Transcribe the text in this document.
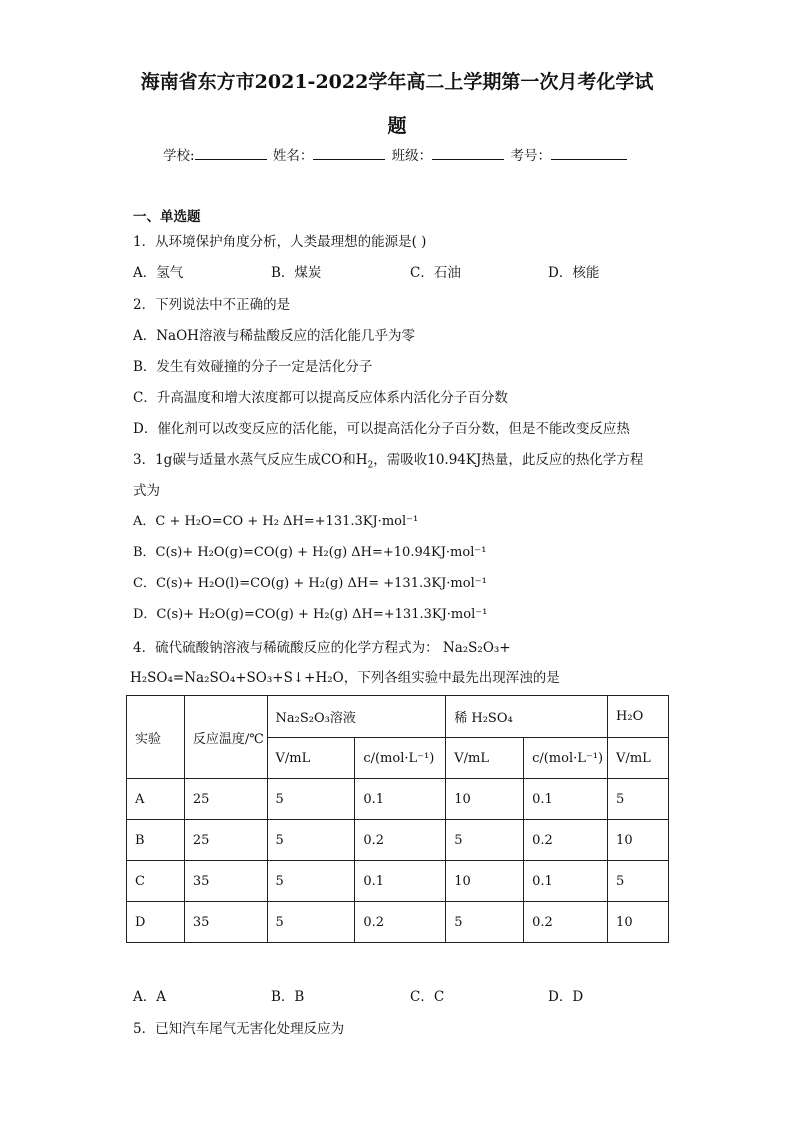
海南省东方市2021-2022学年高二上学期第一次月考化学试
题
学校:	姓名：	班级：	考号：
一、单选题
1．从环境保护角度分析，人类最理想的能源是( )
A．氢气	B．煤炭	C．石油	D．核能
2．下列说法中不正确的是
A．NaOH溶液与稀盐酸反应的活化能几乎为零
B．发生有效碰撞的分子一定是活化分子
C．升高温度和增大浓度都可以提高反应体系内活化分子百分数
D．催化剂可以改变反应的活化能，可以提高活化分子百分数，但是不能改变反应热
3．1g碳与适量水蒸气反应生成CO和$H_2$，需吸收10.94KJ热量，此反应的热化学方程
式为
A．C + H₂O=CO + H₂ ΔH=+131.3KJ·mol⁻¹
B．C(s)+ H₂O(g)=CO(g) + H₂(g) ΔH=+10.94KJ·mol⁻¹
C．C(s)+ H₂O(l)=CO(g) + H₂(g) ΔH= +131.3KJ·mol⁻¹
D．C(s)+ H₂O(g)=CO(g) + H₂(g) ΔH=+131.3KJ·mol⁻¹
4．硫代硫酸钠溶液与稀硫酸反应的化学方程式为： Na₂S₂O₃+
H₂SO₄=Na₂SO₄+SO₃+S↓+H₂O，下列各组实验中最先出现浑浊的是
实验	反应温度/℃	Na₂S₂O₃溶液		稀 H₂SO₄		H₂O
		V/mL	c/(mol·L⁻¹)	V/mL	c/(mol·L⁻¹)	V/mL
A	25	5	0.1	10	0.1	5
B	25	5	0.2	5	0.2	10
C	35	5	0.1	10	0.1	5
D	35	5	0.2	5	0.2	10
A．A	B．B	C．C	D．D
5．已知汽车尾气无害化处理反应为
